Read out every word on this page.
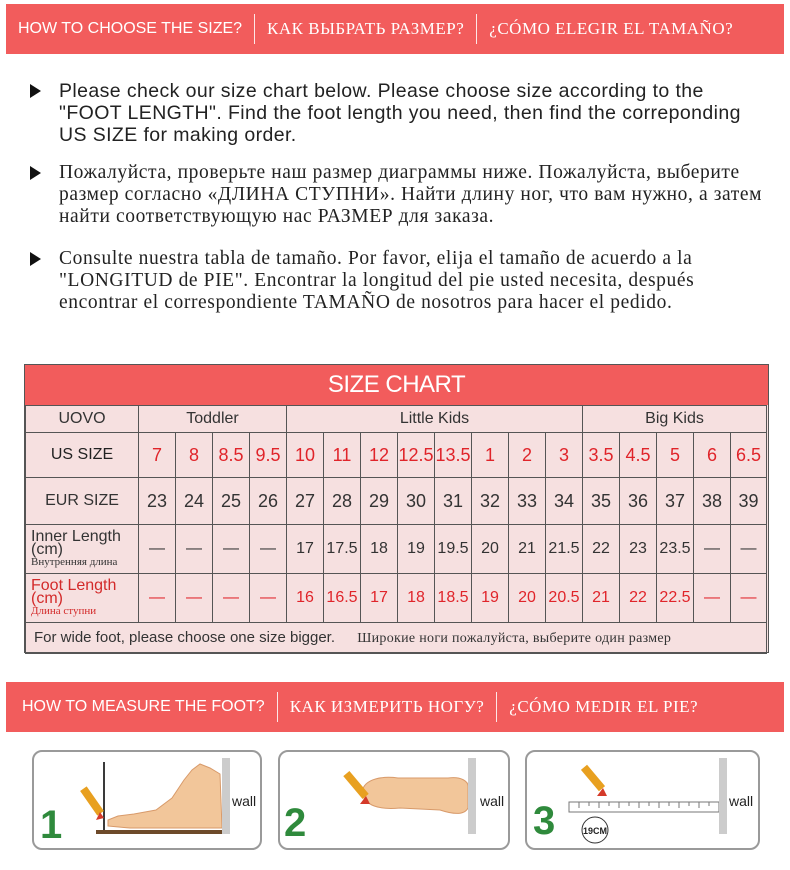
HOW TO CHOOSE THE SIZE?	КАК ВЫБРАТЬ РАЗМЕР?	¿CÓMO ELEGIR EL TAMAÑO?
Please check our size chart below. Please choose size according to the "FOOT LENGTH". Find the foot length you need, then find the correponding US SIZE for making order.
Пожалуйста, проверьте наш размер диаграммы ниже. Пожалуйста, выберите размер согласно «ДЛИНА СТУПНИ». Найти длину ног, что вам нужно, а затем найти соответствующую нас РАЗМЕР для заказа.
Consulte nuestra tabla de tamaño. Por favor, elija el tamaño de acuerdo a la "LONGITUD de PIE". Encontrar la longitud del pie usted necesita, después encontrar el correspondiente TAMAÑO de nosotros para hacer el pedido.
SIZE CHART
UOVO	Toddler				Little Kids								Big Kids				
US SIZE	7	8	8.5	9.5	10	11	12	12.5	13.5	1	2	3	3.5	4.5	5	6	6.5
EUR SIZE	23	24	25	26	27	28	29	30	31	32	33	34	35	36	37	38	39
Inner Length (cm)
Внутренняя длина	—	—	—	—	17	17.5	18	19	19.5	20	21	21.5	22	23	23.5	—	—
Foot Length (cm)
Длина ступни	—	—	—	—	16	16.5	17	18	18.5	19	20	20.5	21	22	22.5	—	—
For wide foot, please choose one size bigger. Широкие ноги пожалуйста, выберите один размер																	
HOW TO MEASURE THE FOOT?	КАК ИЗМЕРИТЬ НОГУ?	¿CÓMO MEDIR EL PIE?
1
wall 2	wall 3	19CM
wall
